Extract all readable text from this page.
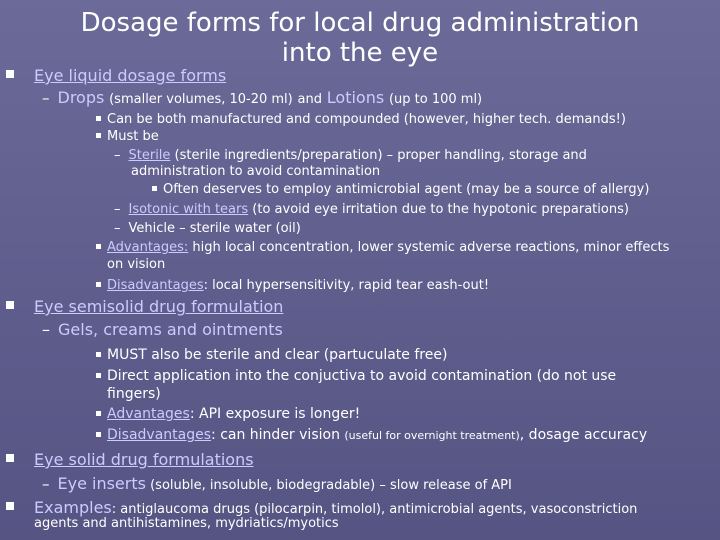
Dosage forms for local drug administration into the eye
Eye liquid dosage forms
– Drops (smaller volumes, 10-20 ml) and Lotions (up to 100 ml)
Can be both manufactured and compounded (however, higher tech. demands!)
Must be
– Sterile (sterile ingredients/preparation) – proper handling, storage and
administration to avoid contamination
Often deserves to employ antimicrobial agent (may be a source of allergy)
– Isotonic with tears (to avoid eye irritation due to the hypotonic preparations)
– Vehicle – sterile water (oil)
Advantages: high local concentration, lower systemic adverse reactions, minor effects
on vision
Disadvantages: local hypersensitivity, rapid tear eash-out!
Eye semisolid drug formulation
– Gels, creams and ointments
MUST also be sterile and clear (partuculate free)
Direct application into the conjuctiva to avoid contamination (do not use
fingers)
Advantages: API exposure is longer!
Disadvantages: can hinder vision (useful for overnight treatment), dosage accuracy
Eye solid drug formulations
– Eye inserts (soluble, insoluble, biodegradable) – slow release of API
Examples: antiglaucoma drugs (pilocarpin, timolol), antimicrobial agents, vasoconstriction
agents and antihistamines, mydriatics/myotics
